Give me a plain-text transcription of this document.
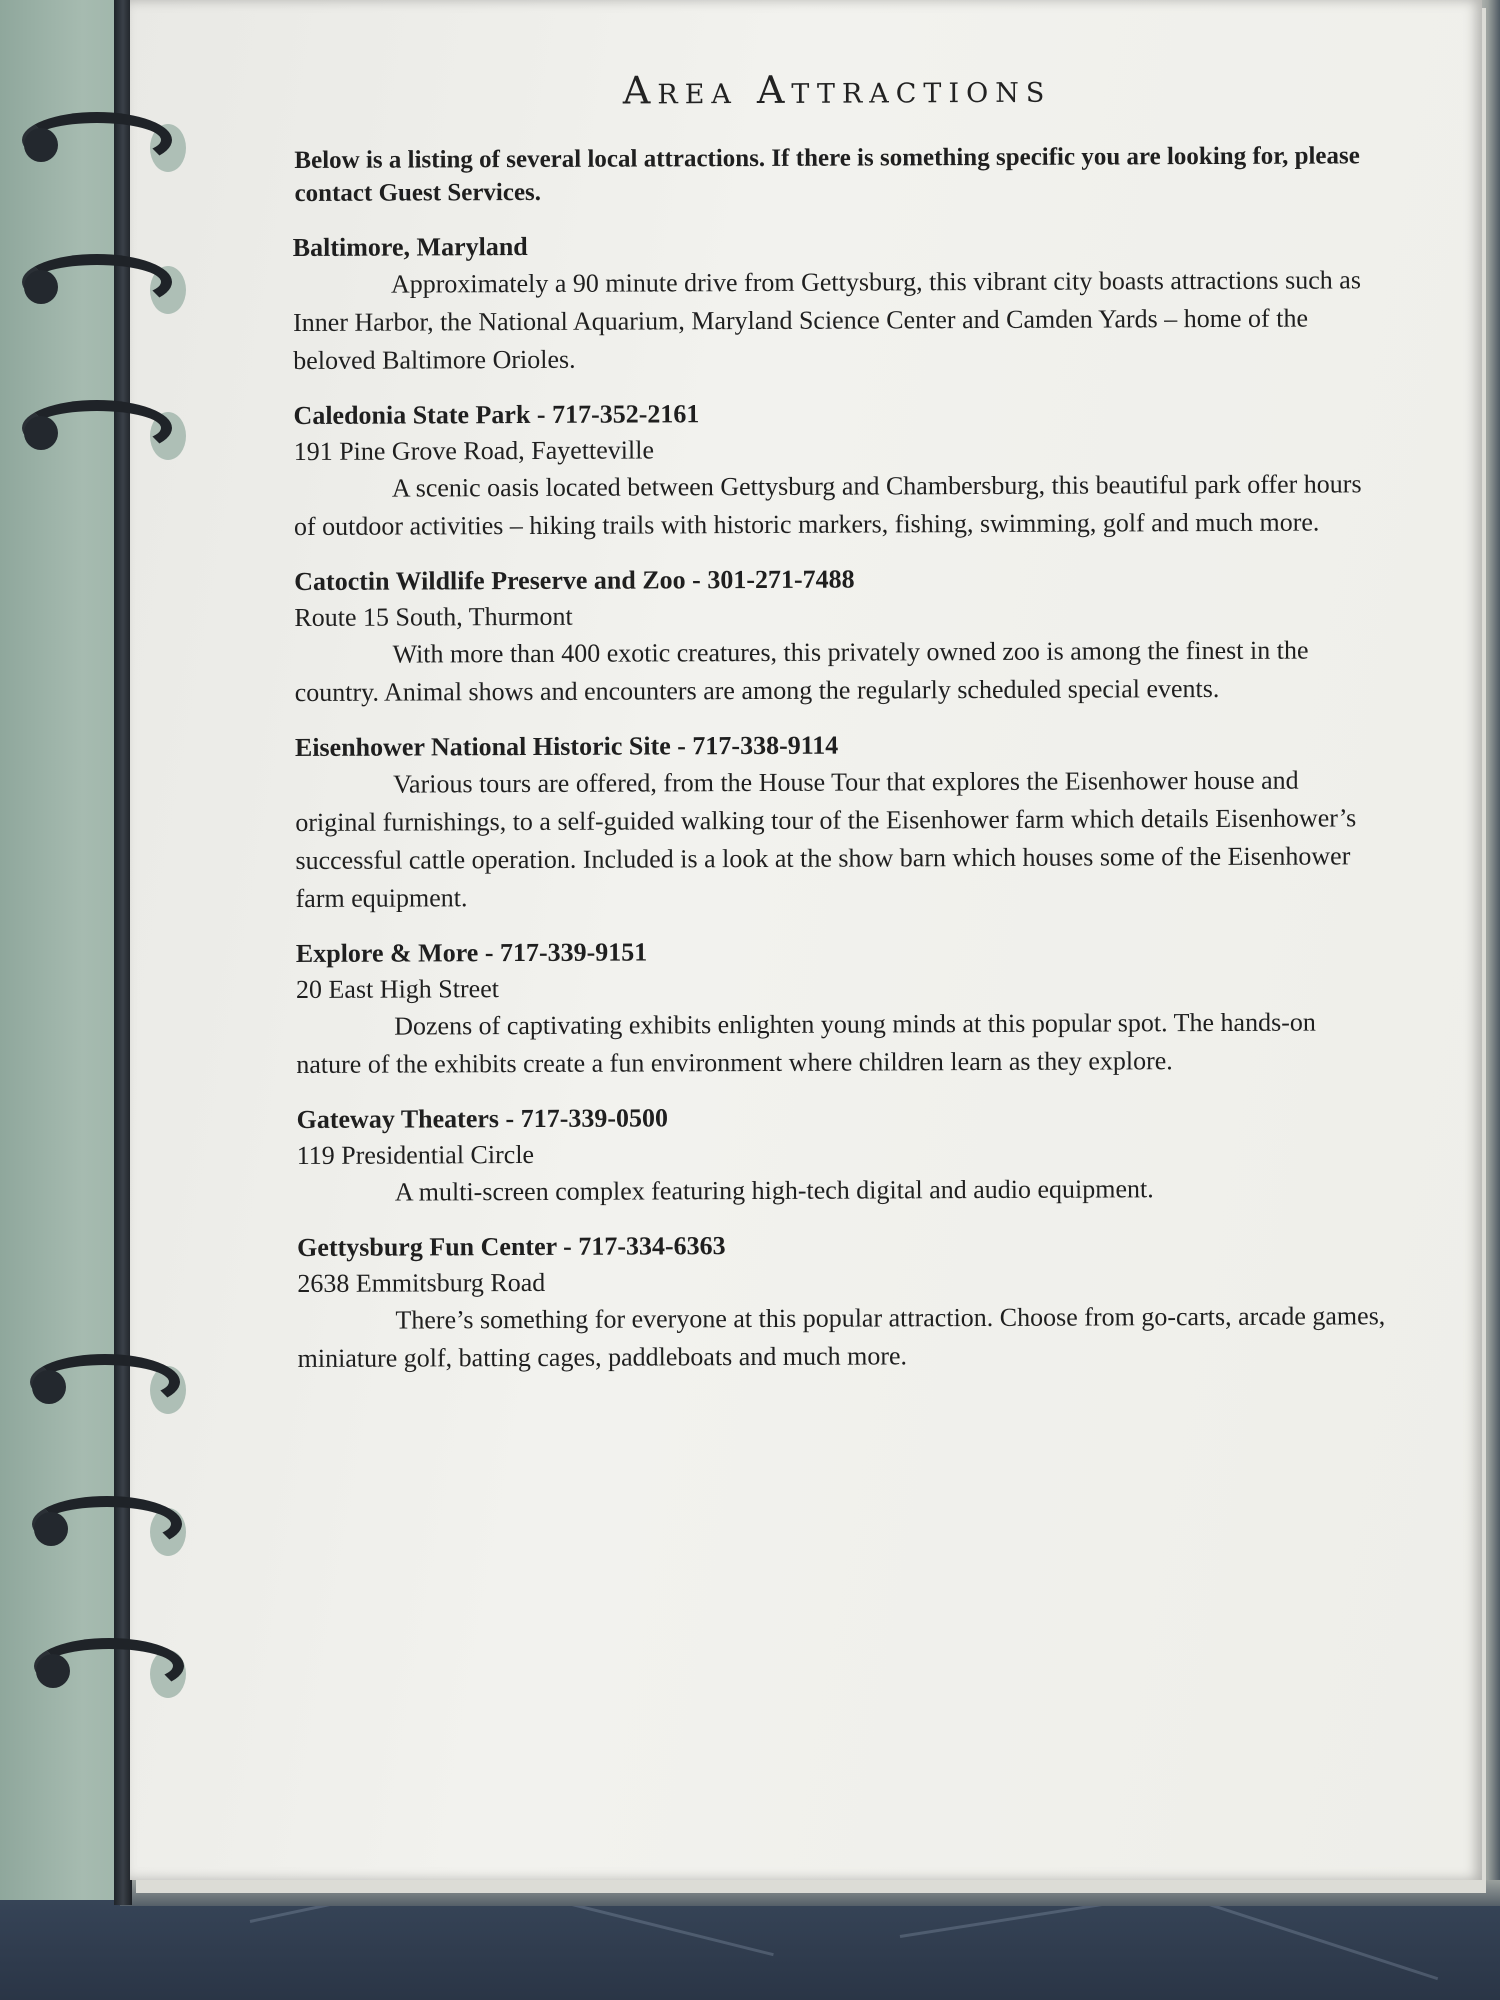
Area Attractions

Below is a listing of several local attractions. If there is something specific you are looking for, please contact Guest Services.

Baltimore, Maryland

Approximately a 90 minute drive from Gettysburg, this vibrant city boasts attractions such as Inner Harbor, the National Aquarium, Maryland Science Center and Camden Yards – home of the beloved Baltimore Orioles.

Caledonia State Park - 717-352-2161
191 Pine Grove Road, Fayetteville

A scenic oasis located between Gettysburg and Chambersburg, this beautiful park offer hours of outdoor activities – hiking trails with historic markers, fishing, swimming, golf and much more.

Catoctin Wildlife Preserve and Zoo - 301-271-7488
Route 15 South, Thurmont

With more than 400 exotic creatures, this privately owned zoo is among the finest in the country. Animal shows and encounters are among the regularly scheduled special events.

Eisenhower National Historic Site - 717-338-9114

Various tours are offered, from the House Tour that explores the Eisenhower house and original furnishings, to a self-guided walking tour of the Eisenhower farm which details Eisenhower’s successful cattle operation. Included is a look at the show barn which houses some of the Eisenhower farm equipment.

Explore & More - 717-339-9151
20 East High Street

Dozens of captivating exhibits enlighten young minds at this popular spot. The hands-on nature of the exhibits create a fun environment where children learn as they explore.

Gateway Theaters - 717-339-0500
119 Presidential Circle

A multi-screen complex featuring high-tech digital and audio equipment.

Gettysburg Fun Center - 717-334-6363
2638 Emmitsburg Road

There’s something for everyone at this popular attraction. Choose from go-carts, arcade games, miniature golf, batting cages, paddleboats and much more.
